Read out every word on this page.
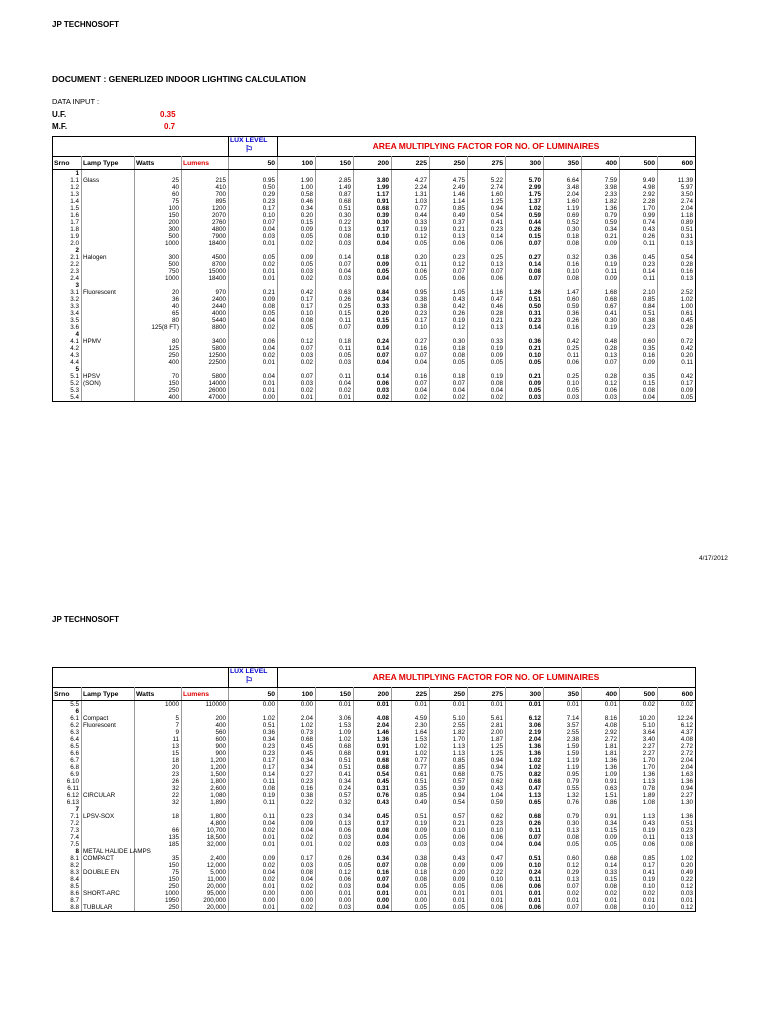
JP TECHNOSOFT
DOCUMENT : GENERLIZED INDOOR LIGHTING CALCULATION
DATA INPUT :
U.F.	0.35
M.F.	0.7
				LUX LEVEL
⚐	AREA MULTIPLYING FACTOR FOR NO. OF LUMINAIRES										
Srno	Lamp Type	Watts	Lumens	50	100	150	200	225	250	275	300	350	400	500	600
1															
1.1	Glass	25	215	0.95	1.90	2.85	3.80	4.27	4.75	5.22	5.70	6.64	7.59	9.49	11.39
1.2		40	410	0.50	1.00	1.49	1.99	2.24	2.49	2.74	2.99	3.48	3.98	4.98	5.97
1.3		60	700	0.29	0.58	0.87	1.17	1.31	1.46	1.60	1.75	2.04	2.33	2.92	3.50
1.4		75	895	0.23	0.46	0.68	0.91	1.03	1.14	1.25	1.37	1.60	1.82	2.28	2.74
1.5		100	1200	0.17	0.34	0.51	0.68	0.77	0.85	0.94	1.02	1.19	1.36	1.70	2.04
1.6		150	2070	0.10	0.20	0.30	0.39	0.44	0.49	0.54	0.59	0.69	0.79	0.99	1.18
1.7		200	2760	0.07	0.15	0.22	0.30	0.33	0.37	0.41	0.44	0.52	0.59	0.74	0.89
1.8		300	4800	0.04	0.09	0.13	0.17	0.19	0.21	0.23	0.26	0.30	0.34	0.43	0.51
1.9		500	7900	0.03	0.05	0.08	0.10	0.12	0.13	0.14	0.15	0.18	0.21	0.26	0.31
2.0		1000	18400	0.01	0.02	0.03	0.04	0.05	0.06	0.06	0.07	0.08	0.09	0.11	0.13
2															
2.1	Halogen	300	4500	0.05	0.09	0.14	0.18	0.20	0.23	0.25	0.27	0.32	0.36	0.45	0.54
2.2		500	8700	0.02	0.05	0.07	0.09	0.11	0.12	0.13	0.14	0.16	0.19	0.23	0.28
2.3		750	15000	0.01	0.03	0.04	0.05	0.06	0.07	0.07	0.08	0.10	0.11	0.14	0.16
2.4		1000	18400	0.01	0.02	0.03	0.04	0.05	0.06	0.06	0.07	0.08	0.09	0.11	0.13
3															
3.1	Fluorescent	20	970	0.21	0.42	0.63	0.84	0.95	1.05	1.16	1.26	1.47	1.68	2.10	2.52
3.2		36	2400	0.09	0.17	0.26	0.34	0.38	0.43	0.47	0.51	0.60	0.68	0.85	1.02
3.3		40	2440	0.08	0.17	0.25	0.33	0.38	0.42	0.46	0.50	0.59	0.67	0.84	1.00
3.4		65	4000	0.05	0.10	0.15	0.20	0.23	0.26	0.28	0.31	0.36	0.41	0.51	0.61
3.5		80	5440	0.04	0.08	0.11	0.15	0.17	0.19	0.21	0.23	0.26	0.30	0.38	0.45
3.6		125(8 FT)	8800	0.02	0.05	0.07	0.09	0.10	0.12	0.13	0.14	0.16	0.19	0.23	0.28
4															
4.1	HPMV	80	3400	0.06	0.12	0.18	0.24	0.27	0.30	0.33	0.36	0.42	0.48	0.60	0.72
4.2		125	5800	0.04	0.07	0.11	0.14	0.16	0.18	0.19	0.21	0.25	0.28	0.35	0.42
4.3		250	12500	0.02	0.03	0.05	0.07	0.07	0.08	0.09	0.10	0.11	0.13	0.16	0.20
4.4		400	22500	0.01	0.02	0.03	0.04	0.04	0.05	0.05	0.05	0.06	0.07	0.09	0.11
5															
5.1	HPSV	70	5800	0.04	0.07	0.11	0.14	0.16	0.18	0.19	0.21	0.25	0.28	0.35	0.42
5.2	(SON)	150	14000	0.01	0.03	0.04	0.06	0.07	0.07	0.08	0.09	0.10	0.12	0.15	0.17
5.3		250	26000	0.01	0.02	0.02	0.03	0.04	0.04	0.04	0.05	0.05	0.06	0.08	0.09
5.4		400	47000	0.00	0.01	0.01	0.02	0.02	0.02	0.02	0.03	0.03	0.03	0.04	0.05
4/17/2012
JP TECHNOSOFT
				LUX LEVEL
⚐	AREA MULTIPLYING FACTOR FOR NO. OF LUMINAIRES										
Srno	Lamp Type	Watts	Lumens	50	100	150	200	225	250	275	300	350	400	500	600
5.5		1000	110000	0.00	0.00	0.01	0.01	0.01	0.01	0.01	0.01	0.01	0.01	0.02	0.02
6															
6.1	Compact	5	200	1.02	2.04	3.06	4.08	4.59	5.10	5.61	6.12	7.14	8.16	10.20	12.24
6.2	Fluorescent	7	400	0.51	1.02	1.53	2.04	2.30	2.55	2.81	3.06	3.57	4.08	5.10	6.12
6.3		9	560	0.36	0.73	1.09	1.46	1.64	1.82	2.00	2.19	2.55	2.92	3.64	4.37
6.4		11	600	0.34	0.68	1.02	1.36	1.53	1.70	1.87	2.04	2.38	2.72	3.40	4.08
6.5		13	900	0.23	0.45	0.68	0.91	1.02	1.13	1.25	1.36	1.59	1.81	2.27	2.72
6.6		15	900	0.23	0.45	0.68	0.91	1.02	1.13	1.25	1.36	1.59	1.81	2.27	2.72
6.7		18	1,200	0.17	0.34	0.51	0.68	0.77	0.85	0.94	1.02	1.19	1.36	1.70	2.04
6.8		20	1,200	0.17	0.34	0.51	0.68	0.77	0.85	0.94	1.02	1.19	1.36	1.70	2.04
6.9		23	1,500	0.14	0.27	0.41	0.54	0.61	0.68	0.75	0.82	0.95	1.09	1.36	1.63
6.10		26	1,800	0.11	0.23	0.34	0.45	0.51	0.57	0.62	0.68	0.79	0.91	1.13	1.36
6.11		32	2,600	0.08	0.16	0.24	0.31	0.35	0.39	0.43	0.47	0.55	0.63	0.78	0.94
6.12	CIRCULAR	22	1,080	0.19	0.38	0.57	0.76	0.85	0.94	1.04	1.13	1.32	1.51	1.89	2.27
6.13		32	1,890	0.11	0.22	0.32	0.43	0.49	0.54	0.59	0.65	0.76	0.86	1.08	1.30
7															
7.1	LPSV-SOX	18	1,800	0.11	0.23	0.34	0.45	0.51	0.57	0.62	0.68	0.79	0.91	1.13	1.36
7.2			4,800	0.04	0.09	0.13	0.17	0.19	0.21	0.23	0.26	0.30	0.34	0.43	0.51
7.3		66	10,700	0.02	0.04	0.06	0.08	0.09	0.10	0.10	0.11	0.13	0.15	0.19	0.23
7.4		135	18,500	0.01	0.02	0.03	0.04	0.05	0.06	0.06	0.07	0.08	0.09	0.11	0.13
7.5		185	32,000	0.01	0.01	0.02	0.03	0.03	0.03	0.04	0.04	0.05	0.05	0.06	0.08
8	METAL HALIDE LAMPS														
8.1	COMPACT	35	2,400	0.09	0.17	0.26	0.34	0.38	0.43	0.47	0.51	0.60	0.68	0.85	1.02
8.2		150	12,000	0.02	0.03	0.05	0.07	0.08	0.09	0.09	0.10	0.12	0.14	0.17	0.20
8.3	DOUBLE EN	75	5,000	0.04	0.08	0.12	0.16	0.18	0.20	0.22	0.24	0.29	0.33	0.41	0.49
8.4		150	11,000	0.02	0.04	0.06	0.07	0.08	0.09	0.10	0.11	0.13	0.15	0.19	0.22
8.5		250	20,000	0.01	0.02	0.03	0.04	0.05	0.05	0.06	0.06	0.07	0.08	0.10	0.12
8.6	SHORT-ARC	1000	95,000	0.00	0.00	0.01	0.01	0.01	0.01	0.01	0.01	0.02	0.02	0.02	0.03
8.7		1950	200,000	0.00	0.00	0.00	0.00	0.00	0.01	0.01	0.01	0.01	0.01	0.01	0.01
8.8	TUBULAR	250	20,000	0.01	0.02	0.03	0.04	0.05	0.05	0.06	0.06	0.07	0.08	0.10	0.12
